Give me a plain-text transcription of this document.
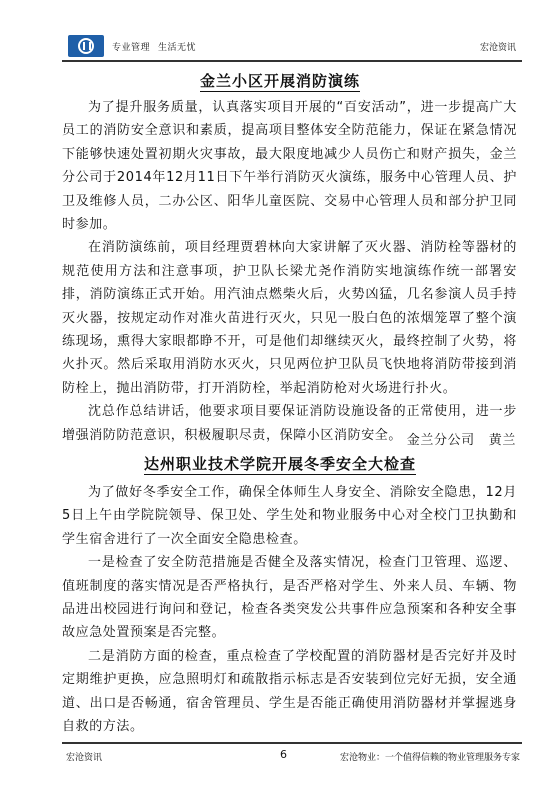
专业管理 生活无忧	宏沧资讯
金兰小区开展消防演练

为了提升服务质量，认真落实项目开展的“百安活动”，进一步提高广大员工的消防安全意识和素质，提高项目整体安全防范能力，保证在紧急情况下能够快速处置初期火灾事故，最大限度地减少人员伤亡和财产损失，金兰分公司于2014年12月11日下午举行消防灭火演练，服务中心管理人员、护卫及维修人员，二办公区、阳华儿童医院、交易中心管理人员和部分护卫同时参加。

在消防演练前，项目经理贾碧林向大家讲解了灭火器、消防栓等器材的规范使用方法和注意事项，护卫队长梁尤尧作消防实地演练作统一部署安排，消防演练正式开始。用汽油点燃柴火后，火势凶猛，几名参演人员手持灭火器，按规定动作对准火苗进行灭火，只见一股白色的浓烟笼罩了整个演练现场，熏得大家眼都睁不开，可是他们却继续灭火，最终控制了火势，将火扑灭。然后采取用消防水灭火，只见两位护卫队员飞快地将消防带接到消防栓上，抛出消防带，打开消防栓，举起消防枪对火场进行扑火。

沈总作总结讲话，他要求项目要保证消防设施设备的正常使用，进一步增强消防防范意识，积极履职尽责，保障小区消防安全。 金兰分公司 黄兰
达州职业技术学院开展冬季安全大检查

为了做好冬季安全工作，确保全体师生人身安全、消除安全隐患，12月5日上午由学院院领导、保卫处、学生处和物业服务中心对全校门卫执勤和学生宿舍进行了一次全面安全隐患检查。

一是检查了安全防范措施是否健全及落实情况，检查门卫管理、巡逻、值班制度的落实情况是否严格执行，是否严格对学生、外来人员、车辆、物品进出校园进行询问和登记，检查各类突发公共事件应急预案和各种安全事故应急处置预案是否完整。

二是消防方面的检查，重点检查了学校配置的消防器材是否完好并及时定期维护更换，应急照明灯和疏散指示标志是否安装到位完好无损，安全通道、出口是否畅通，宿舍管理员、学生是否能正确使用消防器材并掌握逃身自救的方法。

宏沧资讯	6	宏沧物业：一个值得信赖的物业管理服务专家
